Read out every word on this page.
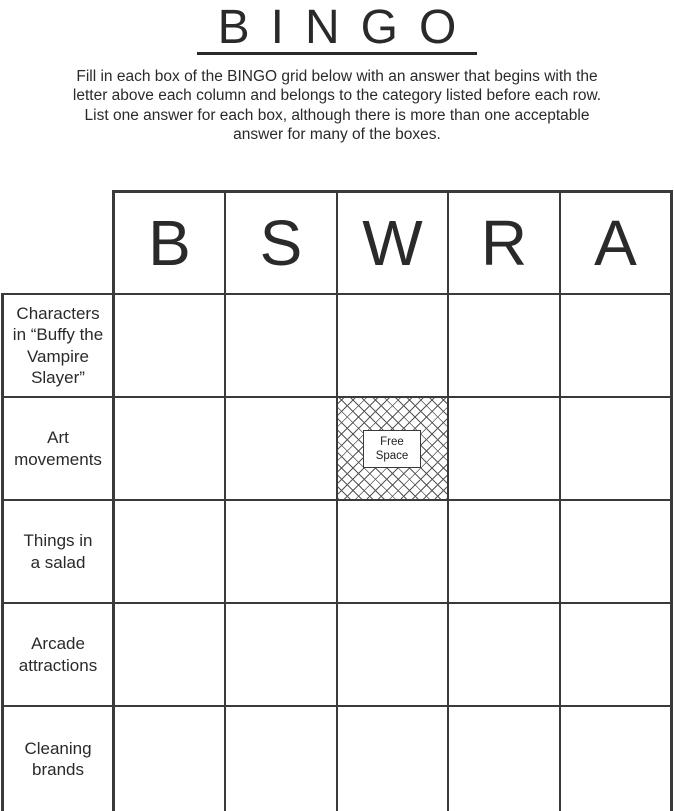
BINGO
Fill in each box of the BINGO grid below with an answer that begins with the letter above each column and belongs to the category listed before each row. List one answer for each box, although there is more than one acceptable answer for many of the boxes.
B	S W R	A
Characters
in “Buffy the
Vampire
Slayer”
Art
movements
Things in
a salad
Arcade
attractions
Cleaning
brands
Free
Space
